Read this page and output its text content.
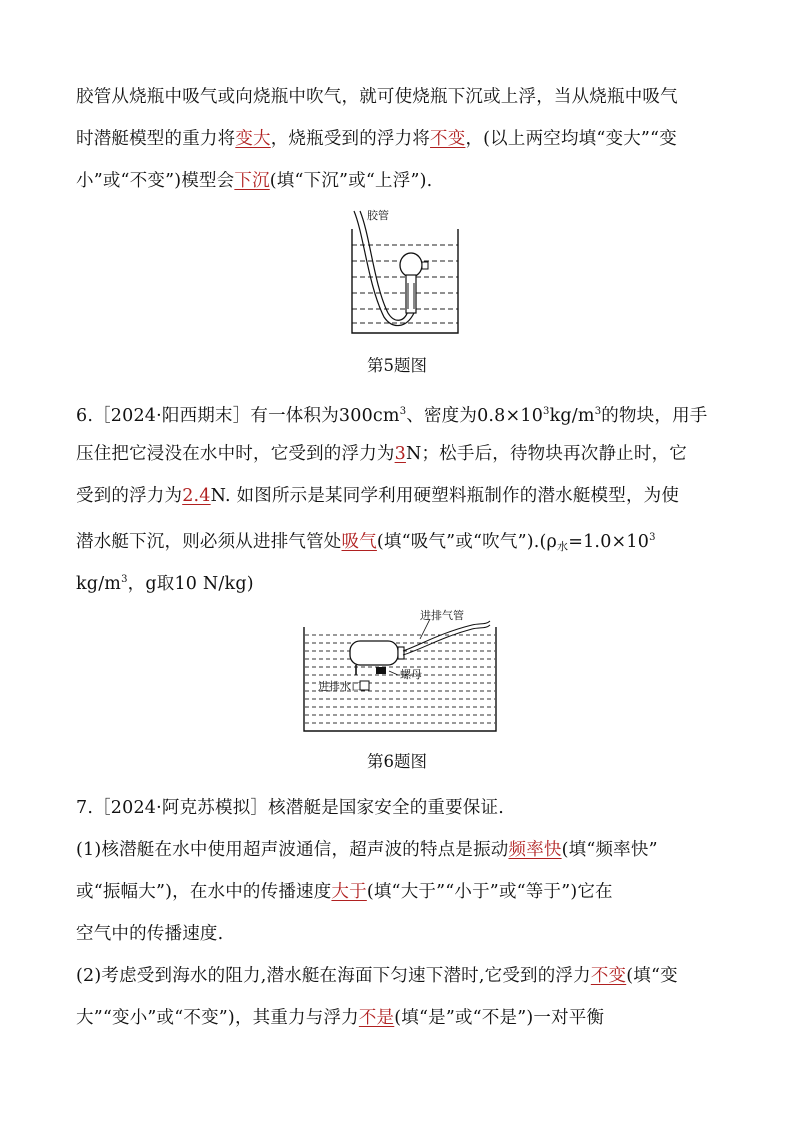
胶管从烧瓶中吸气或向烧瓶中吹气，就可使烧瓶下沉或上浮，当从烧瓶中吸气
时潜艇模型的重力将变大，烧瓶受到的浮力将不变，(以上两空均填“变大”“变
小”或“不变”)模型会下沉(填“下沉”或“上浮”).
胶管
第5题图
6.［2024·阳西期末］有一体积为$300cm^3$、密度为$0.8\times 10^3kg/m^3$的物块，用手
压住把它浸没在水中时，它受到的浮力为3N；松手后，待物块再次静止时，它
受到的浮力为2.4N. 如图所示是某同学利用硬塑料瓶制作的潜水艇模型，为使
潜水艇下沉，则必须从进排气管处吸气(填“吸气”或“吹气$”).(\rho_水=1.0\times 10^3$
$kg/m^3$，g取10 N/kg)
进排气管
螺母
进排水口
第6题图
7.［2024·阿克苏模拟］核潜艇是国家安全的重要保证.
(1)核潜艇在水中使用超声波通信，超声波的特点是振动频率快(填“频率快”
或“振幅大”)，在水中的传播速度大于(填“大于”“小于”或“等于”)它在
空气中的传播速度.
(2)考虑受到海水的阻力,潜水艇在海面下匀速下潜时,它受到的浮力不变(填“变
大”“变小”或“不变”)，其重力与浮力不是(填“是”或“不是”)一对平衡
